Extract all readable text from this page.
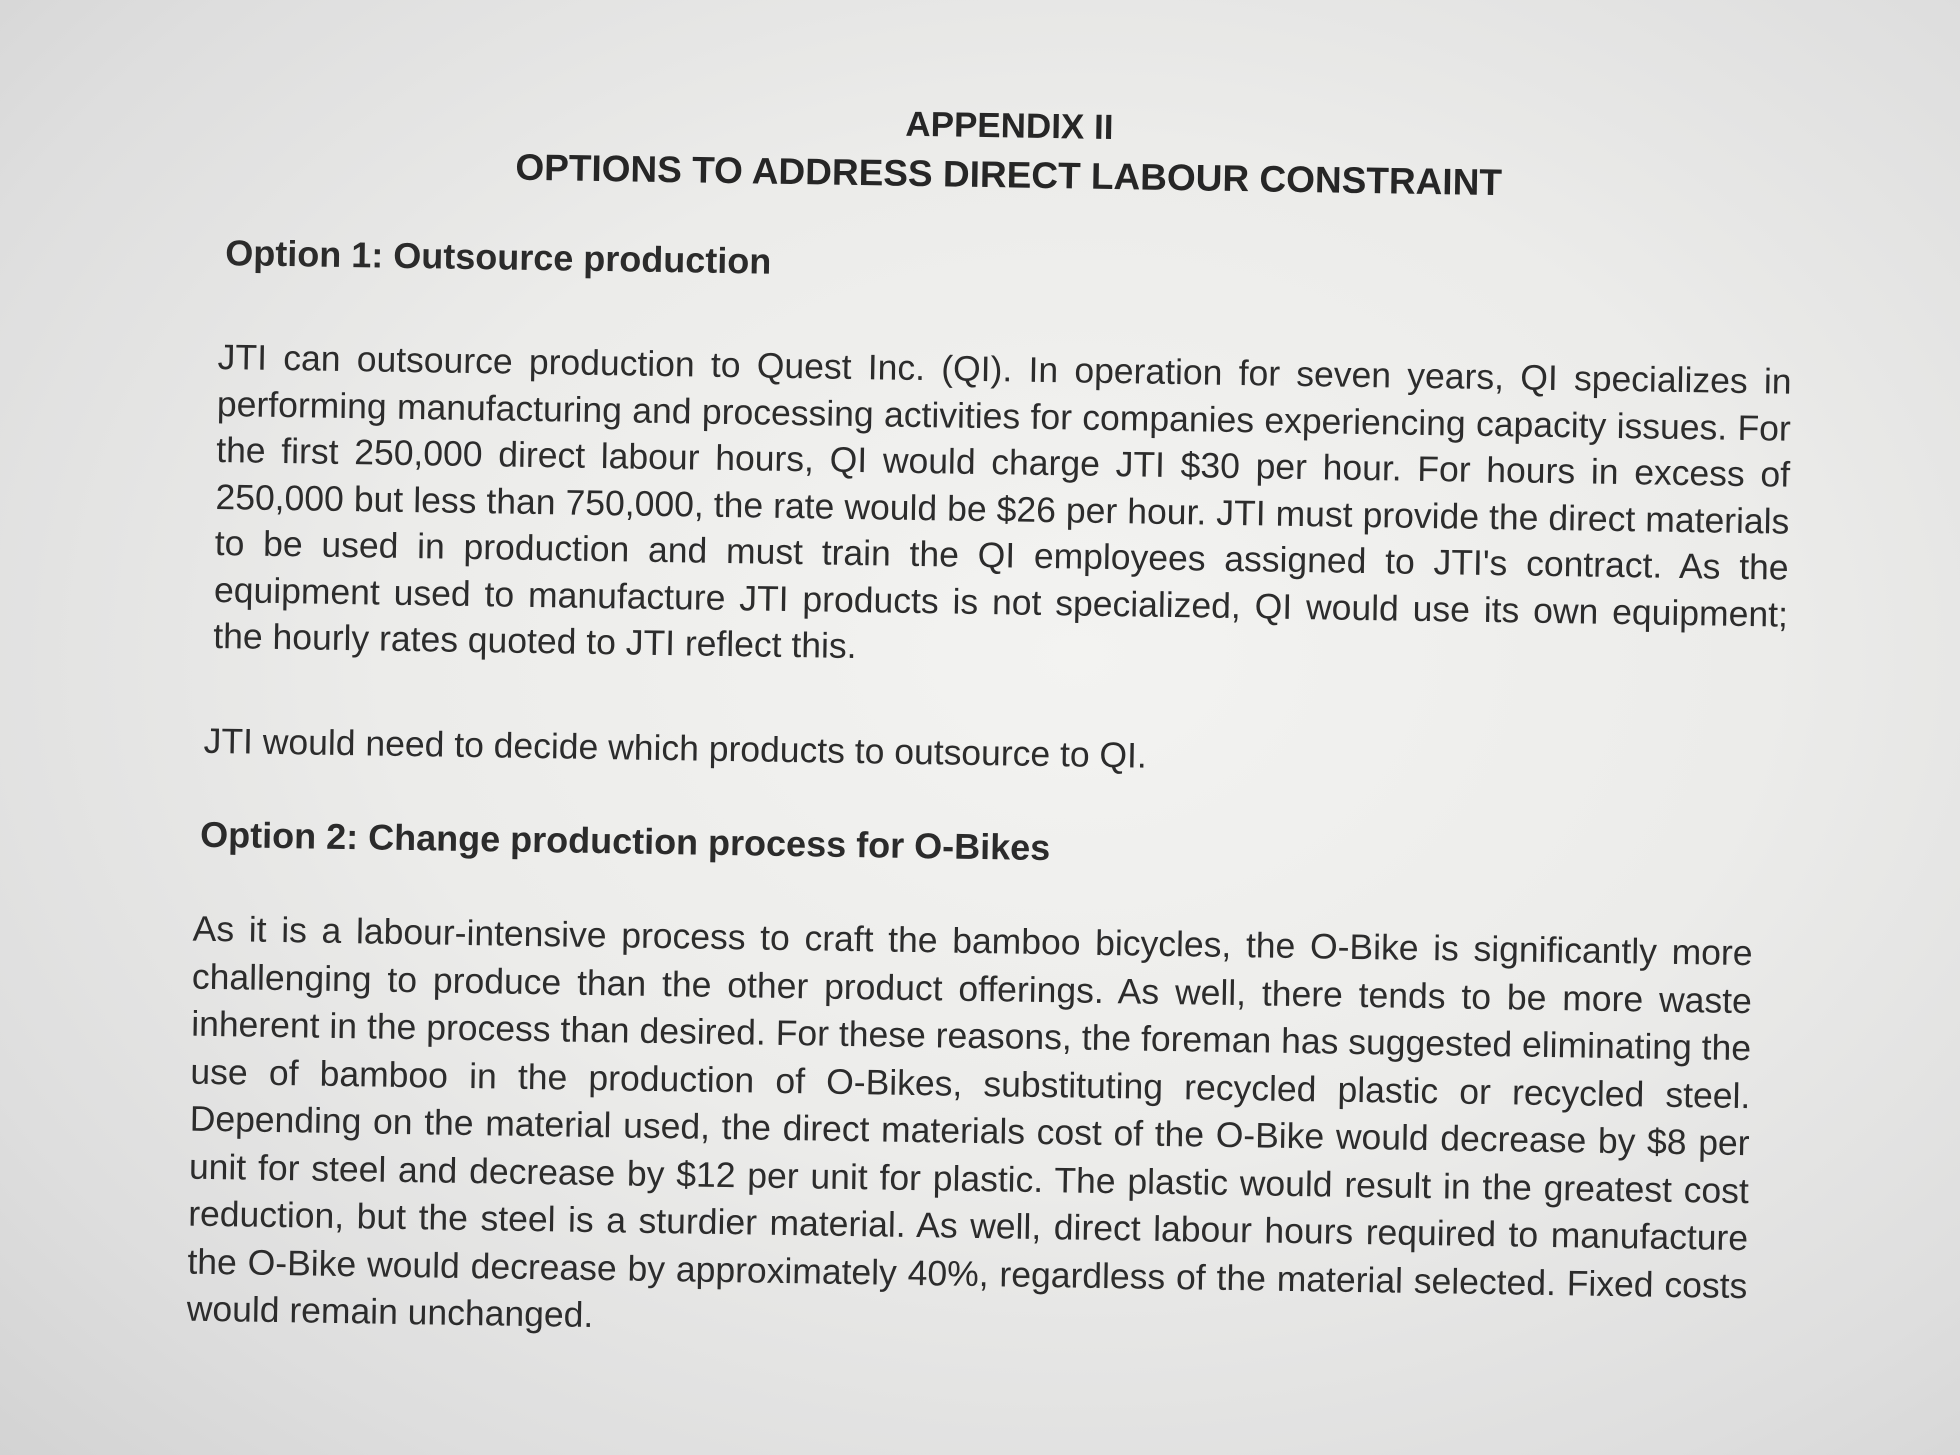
APPENDIX II
OPTIONS TO ADDRESS DIRECT LABOUR CONSTRAINT
Option 1: Outsource production
JTI can outsource production to Quest Inc. (QI). In operation for seven years, QI specializes in performing manufacturing and processing activities for companies experiencing capacity issues. For the first 250,000 direct labour hours, QI would charge JTI $30 per hour. For hours in excess of 250,000 but less than 750,000, the rate would be $26 per hour. JTI must provide the direct materials to be used in production and must train the QI employees assigned to JTI's contract. As the equipment used to manufacture JTI products is not specialized, QI would use its own equipment; the hourly rates quoted to JTI reflect this.
JTI would need to decide which products to outsource to QI.
Option 2: Change production process for O-Bikes
As it is a labour-intensive process to craft the bamboo bicycles, the O-Bike is significantly more challenging to produce than the other product offerings. As well, there tends to be more waste inherent in the process than desired. For these reasons, the foreman has suggested eliminating the use of bamboo in the production of O-Bikes, substituting recycled plastic or recycled steel. Depending on the material used, the direct materials cost of the O-Bike would decrease by $8 per unit for steel and decrease by $12 per unit for plastic. The plastic would result in the greatest cost reduction, but the steel is a sturdier material. As well, direct labour hours required to manufacture the O-Bike would decrease by approximately 40%, regardless of the material selected. Fixed costs would remain unchanged.
